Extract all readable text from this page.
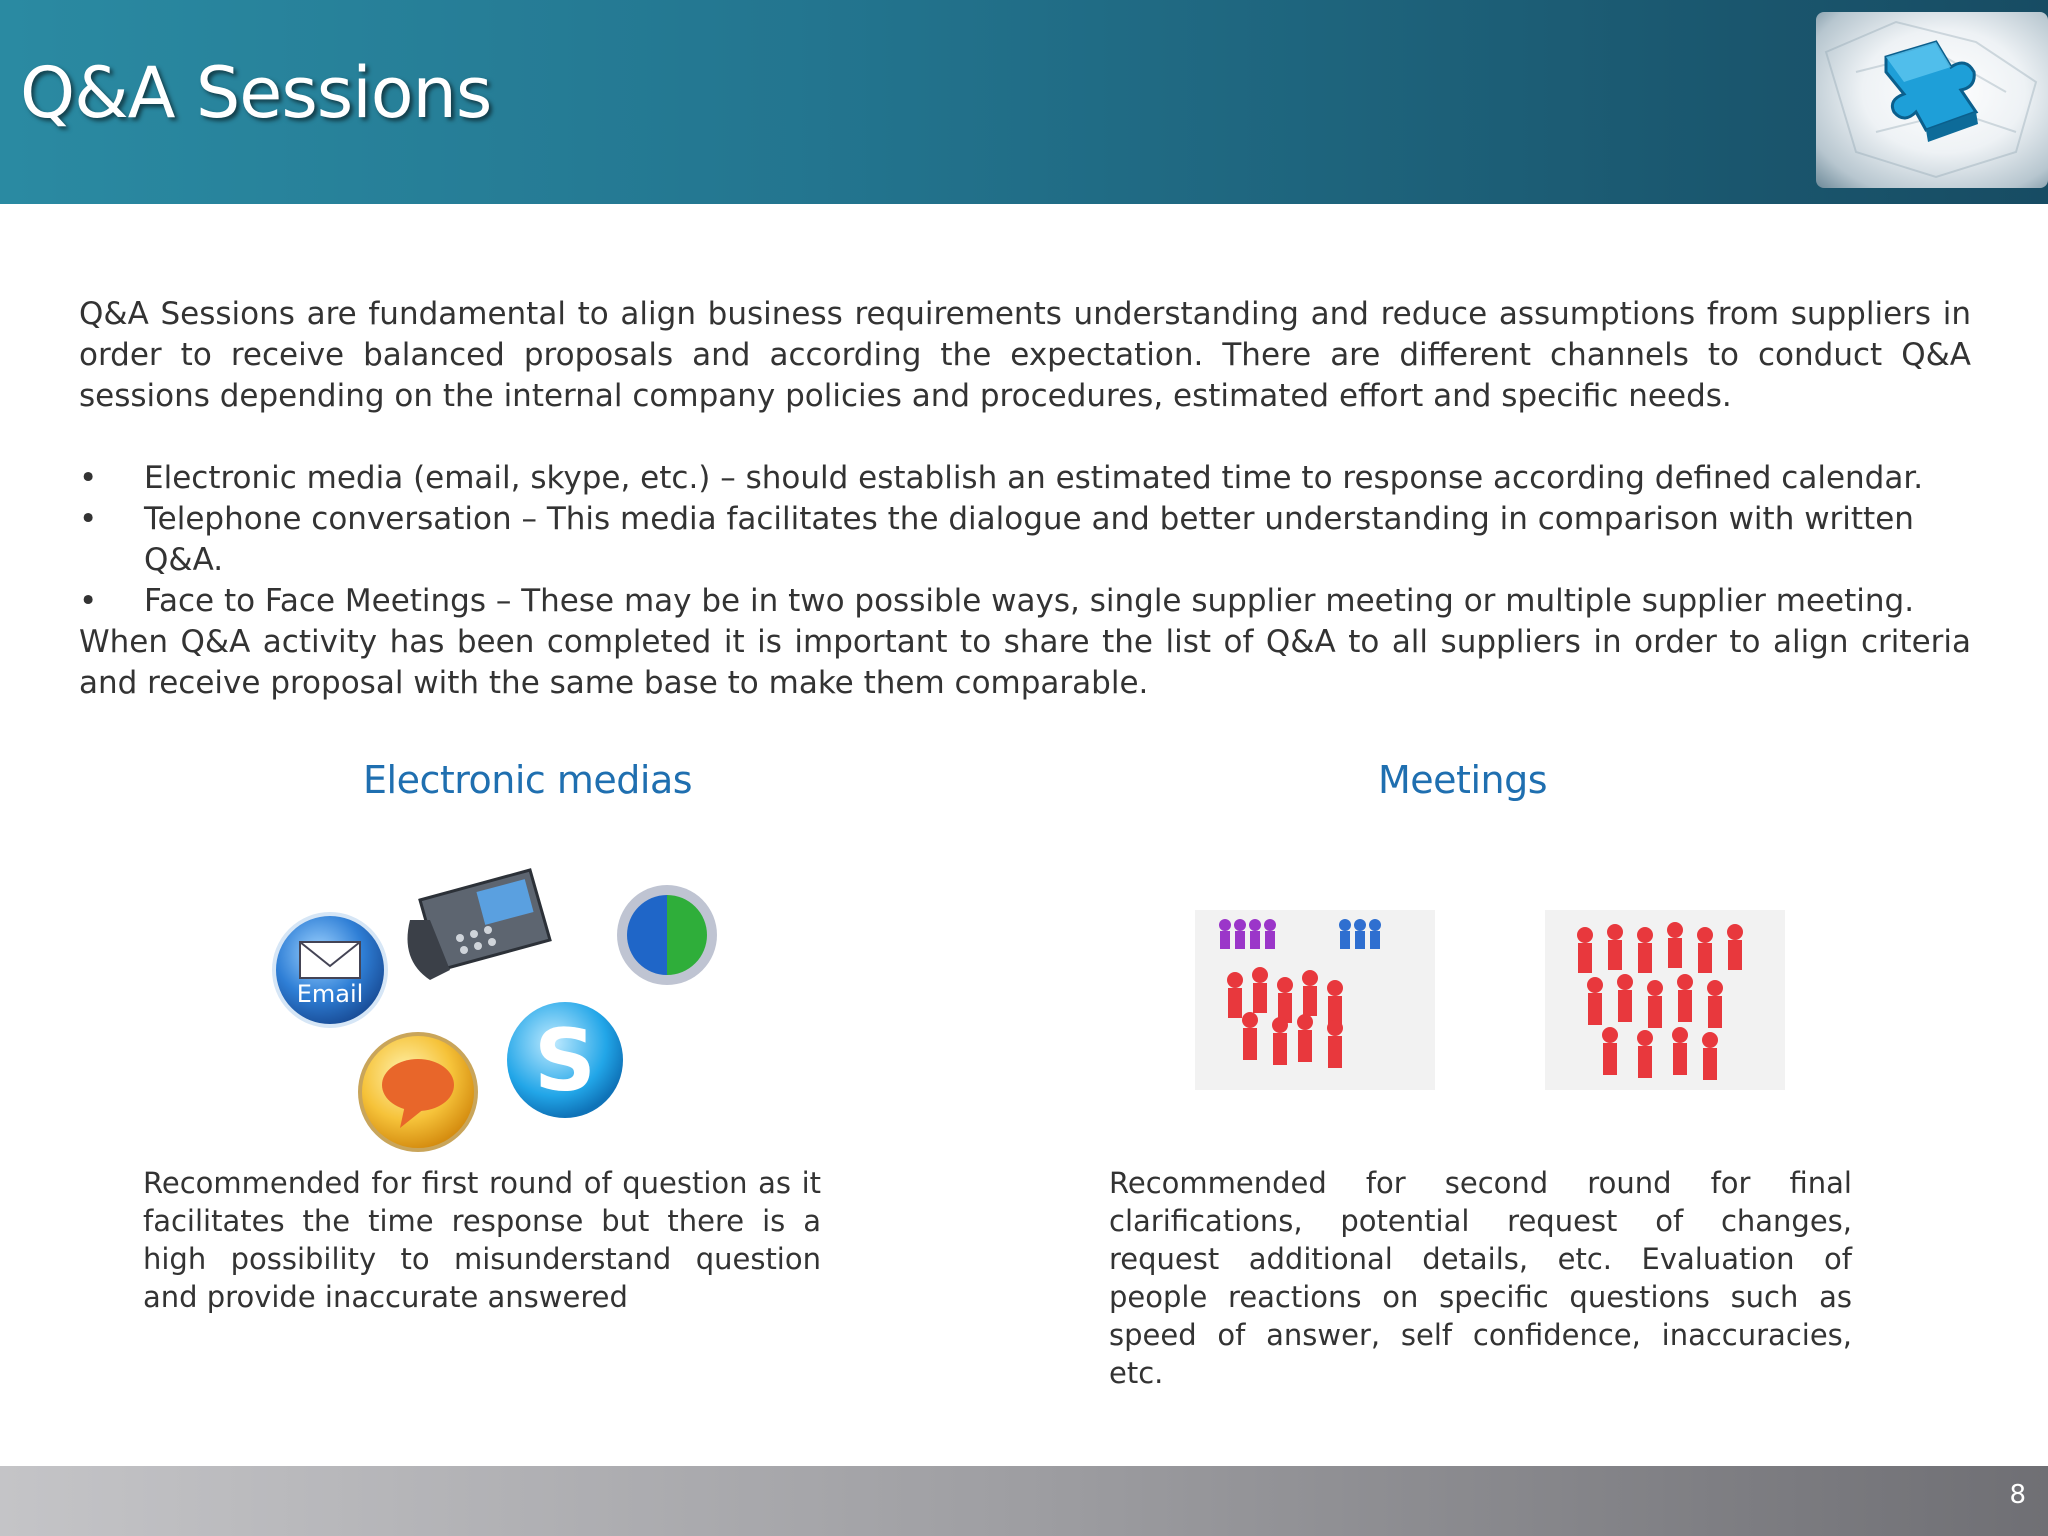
Q&A Sessions
Q&A Sessions are fundamental to align business requirements understanding and reduce assumptions from suppliers in order to receive balanced proposals and according the expectation. There are different channels to conduct Q&A sessions depending on the internal company policies and procedures, estimated effort and specific needs.
• Electronic media (email, skype, etc.) – should establish an estimated time to response according defined calendar.
• Telephone conversation – This media facilitates the dialogue and better understanding in comparison with written Q&A.
• Face to Face Meetings – These may be in two possible ways, single supplier meeting or multiple supplier meeting.
When Q&A activity has been completed it is important to share the list of Q&A to all suppliers in order to align criteria and receive proposal with the same base to make them comparable.
Electronic medias	Meetings
Email
S
Recommended for first round of question as it facilitates the time response but there is a high possibility to misunderstand question and provide inaccurate answered
Recommended for second round for final clarifications, potential request of changes, request additional details, etc. Evaluation of people reactions on specific questions such as speed of answer, self confidence, inaccuracies, etc.
8
